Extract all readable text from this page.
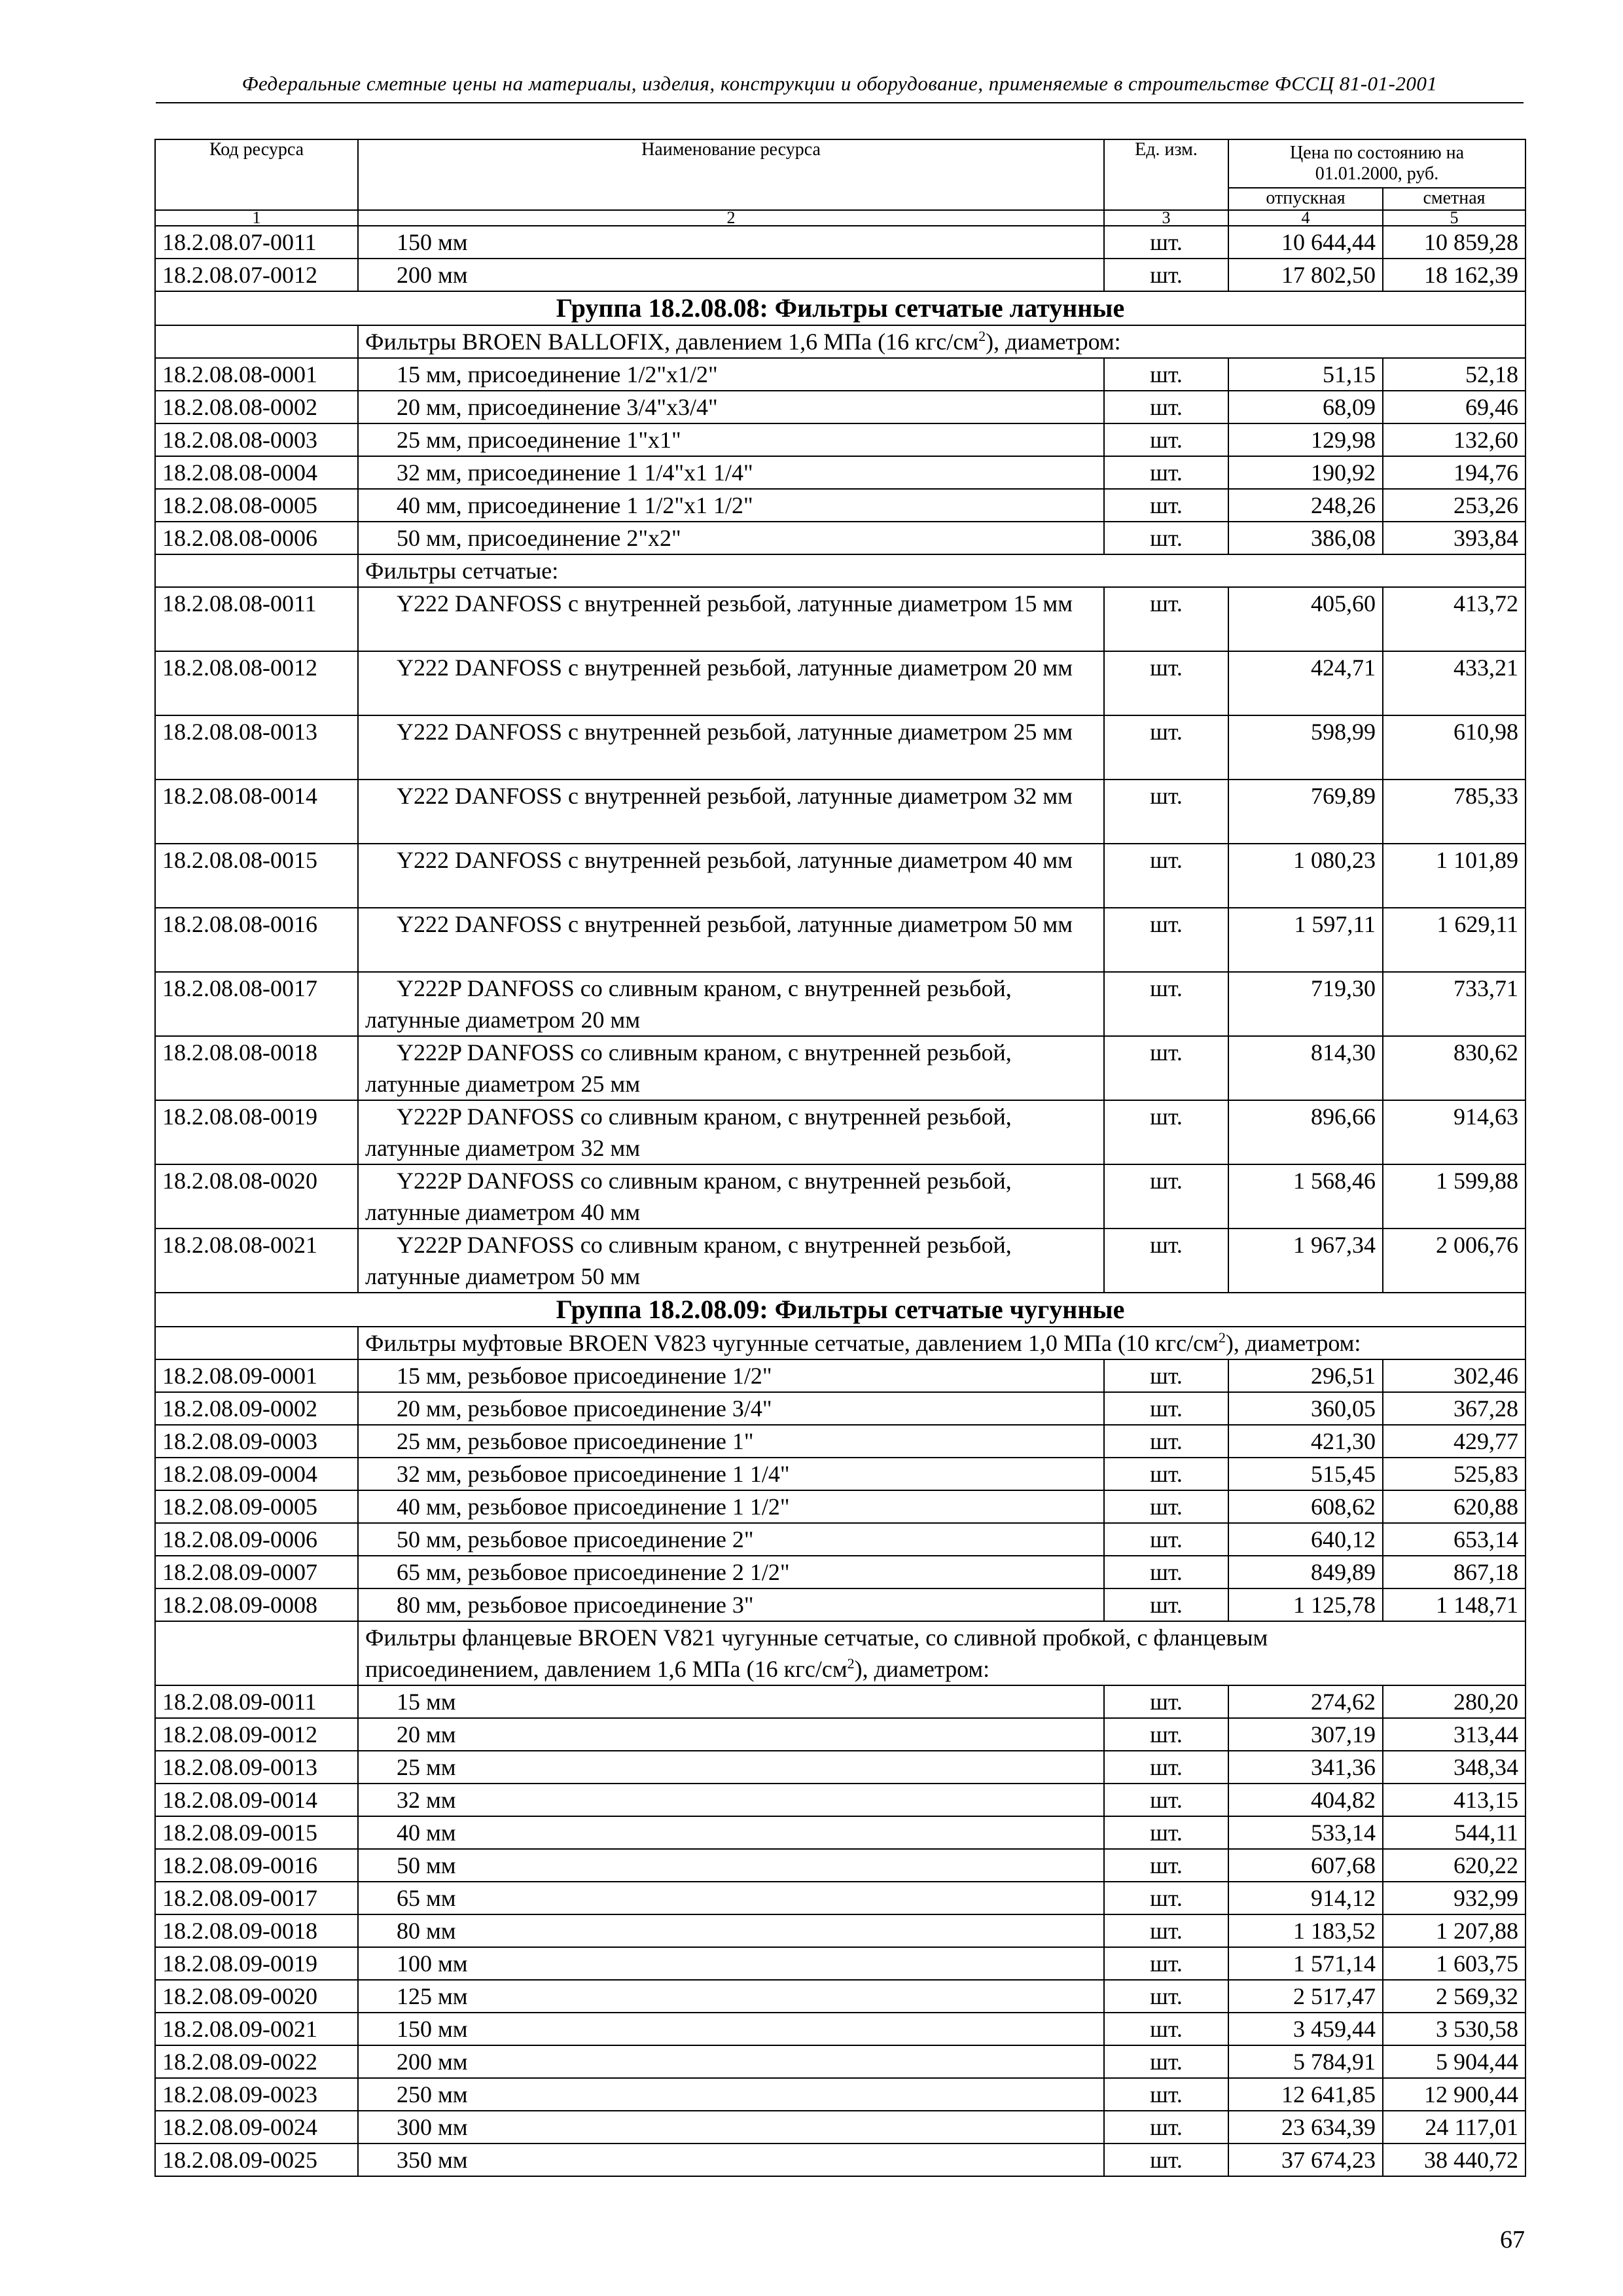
Федеральные сметные цены на материалы, изделия, конструкции и оборудование, применяемые в строительстве ФССЦ 81-01-2001
Код ресурса	Наименование ресурса	Ед. изм.	Цена по состоянию на 01.01.2000, руб.	
			отпускная	сметная
1	2	3	4	5
18.2.08.07-0011	150 мм	шт.	10 644,44	10 859,28
18.2.08.07-0012	200 мм	шт.	17 802,50	18 162,39
Группа 18.2.08.08: Фильтры сетчатые латунные				
	Фильтры BROEN BALLOFIX, давлением 1,6 МПа (16 кгс/$см^2$), диаметром:			
18.2.08.08-0001	15 мм, присоединение 1/2"x1/2"	шт.	51,15	52,18
18.2.08.08-0002	20 мм, присоединение 3/4"x3/4"	шт.	68,09	69,46
18.2.08.08-0003	25 мм, присоединение 1"x1"	шт.	129,98	132,60
18.2.08.08-0004	32 мм, присоединение 1 1/4"x1 1/4"	шт.	190,92	194,76
18.2.08.08-0005	40 мм, присоединение 1 1/2"x1 1/2"	шт.	248,26	253,26
18.2.08.08-0006	50 мм, присоединение 2"x2"	шт.	386,08	393,84
	Фильтры сетчатые:			
18.2.08.08-0011	Y222 DANFOSS с внутренней резьбой, латунные диаметром 15 мм	шт.	405,60	413,72
18.2.08.08-0012	Y222 DANFOSS с внутренней резьбой, латунные диаметром 20 мм	шт.	424,71	433,21
18.2.08.08-0013	Y222 DANFOSS с внутренней резьбой, латунные диаметром 25 мм	шт.	598,99	610,98
18.2.08.08-0014	Y222 DANFOSS с внутренней резьбой, латунные диаметром 32 мм	шт.	769,89	785,33
18.2.08.08-0015	Y222 DANFOSS с внутренней резьбой, латунные диаметром 40 мм	шт.	1 080,23	1 101,89
18.2.08.08-0016	Y222 DANFOSS с внутренней резьбой, латунные диаметром 50 мм	шт.	1 597,11	1 629,11
18.2.08.08-0017	Y222P DANFOSS со сливным краном, с внутренней резьбой, латунные диаметром 20 мм	шт.	719,30	733,71
18.2.08.08-0018	Y222P DANFOSS со сливным краном, с внутренней резьбой, латунные диаметром 25 мм	шт.	814,30	830,62
18.2.08.08-0019	Y222P DANFOSS со сливным краном, с внутренней резьбой, латунные диаметром 32 мм	шт.	896,66	914,63
18.2.08.08-0020	Y222P DANFOSS со сливным краном, с внутренней резьбой, латунные диаметром 40 мм	шт.	1 568,46	1 599,88
18.2.08.08-0021	Y222P DANFOSS со сливным краном, с внутренней резьбой, латунные диаметром 50 мм	шт.	1 967,34	2 006,76
Группа 18.2.08.09: Фильтры сетчатые чугунные				
	Фильтры муфтовые BROEN V823 чугунные сетчатые, давлением 1,0 МПа (10 кгс/$см^2$), диаметром:			
18.2.08.09-0001	15 мм, резьбовое присоединение 1/2"	шт.	296,51	302,46
18.2.08.09-0002	20 мм, резьбовое присоединение 3/4"	шт.	360,05	367,28
18.2.08.09-0003	25 мм, резьбовое присоединение 1"	шт.	421,30	429,77
18.2.08.09-0004	32 мм, резьбовое присоединение 1 1/4"	шт.	515,45	525,83
18.2.08.09-0005	40 мм, резьбовое присоединение 1 1/2"	шт.	608,62	620,88
18.2.08.09-0006	50 мм, резьбовое присоединение 2"	шт.	640,12	653,14
18.2.08.09-0007	65 мм, резьбовое присоединение 2 1/2"	шт.	849,89	867,18
18.2.08.09-0008	80 мм, резьбовое присоединение 3"	шт.	1 125,78	1 148,71
	Фильтры фланцевые BROEN V821 чугунные сетчатые, со сливной пробкой, с фланцевым
присоединением, давлением 1,6 МПа (16 кгс/$см^2$), диаметром:			
18.2.08.09-0011	15 мм	шт.	274,62	280,20
18.2.08.09-0012	20 мм	шт.	307,19	313,44
18.2.08.09-0013	25 мм	шт.	341,36	348,34
18.2.08.09-0014	32 мм	шт.	404,82	413,15
18.2.08.09-0015	40 мм	шт.	533,14	544,11
18.2.08.09-0016	50 мм	шт.	607,68	620,22
18.2.08.09-0017	65 мм	шт.	914,12	932,99
18.2.08.09-0018	80 мм	шт.	1 183,52	1 207,88
18.2.08.09-0019	100 мм	шт.	1 571,14	1 603,75
18.2.08.09-0020	125 мм	шт.	2 517,47	2 569,32
18.2.08.09-0021	150 мм	шт.	3 459,44	3 530,58
18.2.08.09-0022	200 мм	шт.	5 784,91	5 904,44
18.2.08.09-0023	250 мм	шт.	12 641,85	12 900,44
18.2.08.09-0024	300 мм	шт.	23 634,39	24 117,01
18.2.08.09-0025	350 мм	шт.	37 674,23	38 440,72
67
